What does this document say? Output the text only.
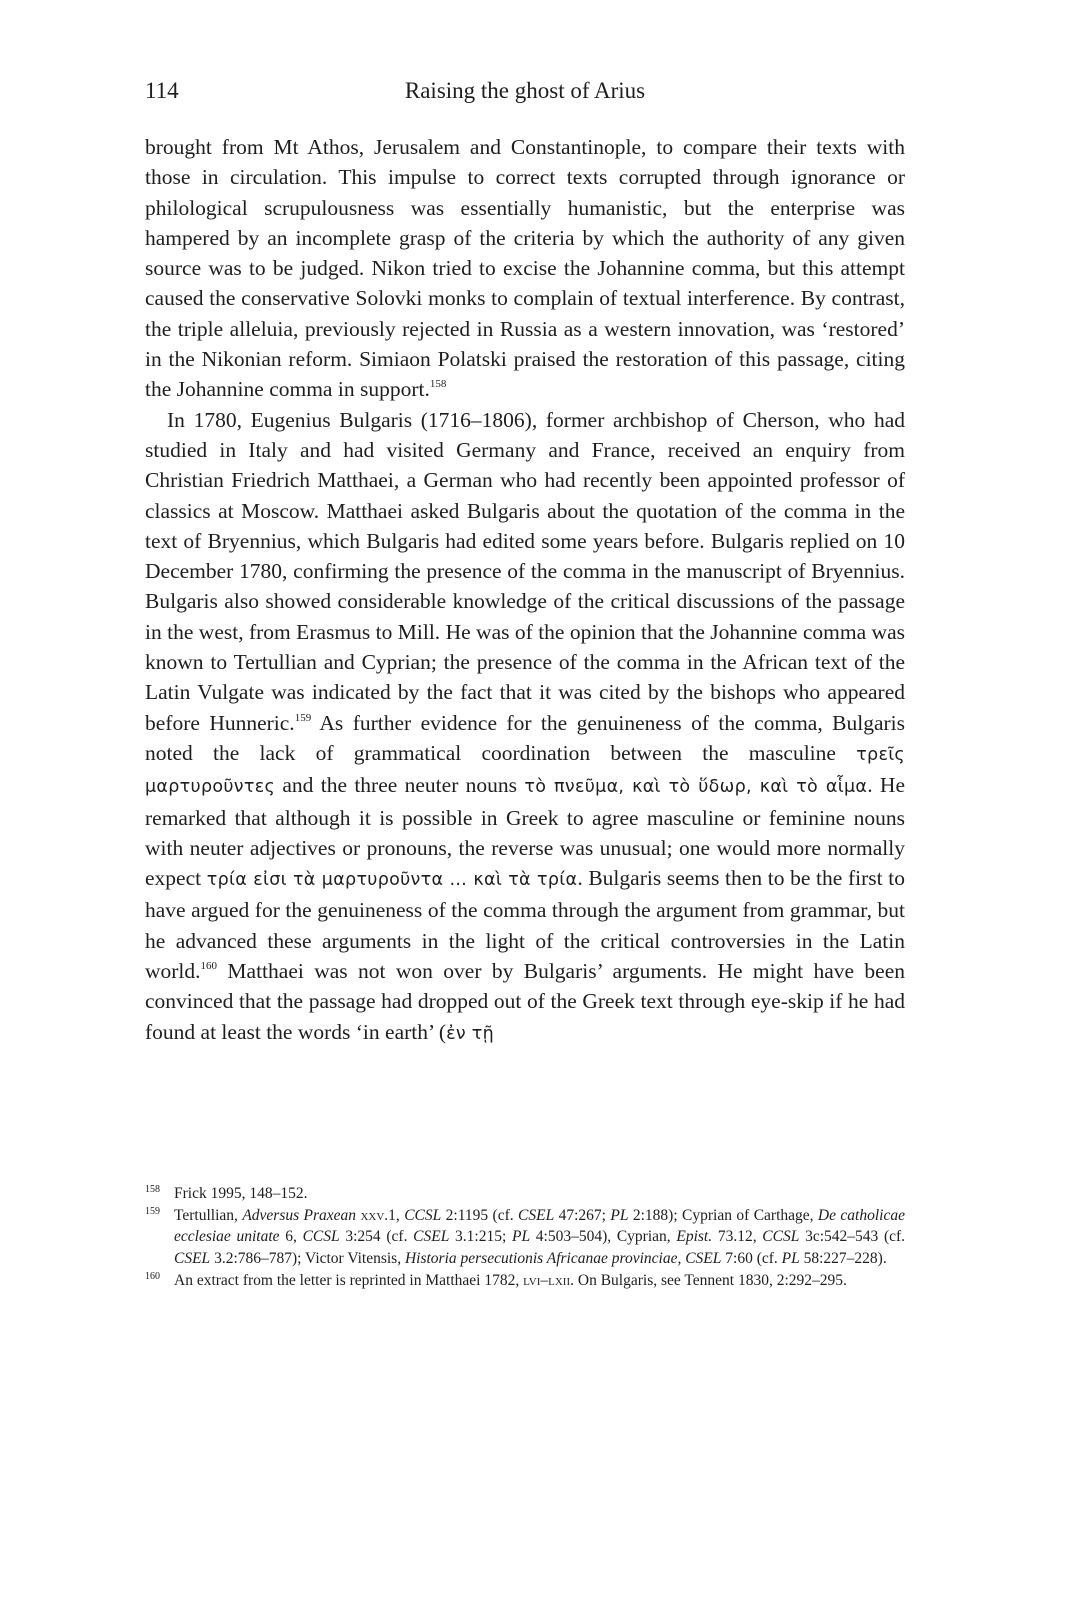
114	Raising the ghost of Arius

brought from Mt Athos, Jerusalem and Constantinople, to compare their texts with those in circulation. This impulse to correct texts corrupted through ignorance or philological scrupulousness was essentially humanistic, but the enterprise was hampered by an incomplete grasp of the criteria by which the authority of any given source was to be judged. Nikon tried to excise the Johannine comma, but this attempt caused the conservative Solovki monks to complain of textual interference. By contrast, the triple alleluia, previously rejected in Russia as a western innovation, was ‘restored’ in the Nikonian reform. Simiaon Polatski praised the restoration of this passage, citing the Johannine comma in support.$^{158}$

In 1780, Eugenius Bulgaris (1716–1806), former archbishop of Cherson, who had studied in Italy and had visited Germany and France, received an enquiry from Christian Friedrich Matthaei, a German who had recently been appointed professor of classics at Moscow. Matthaei asked Bulgaris about the quotation of the comma in the text of Bryennius, which Bulgaris had edited some years before. Bulgaris replied on 10 December 1780, confirming the presence of the comma in the manuscript of Bryennius. Bulgaris also showed considerable knowledge of the critical discussions of the passage in the west, from Erasmus to Mill. He was of the opinion that the Johannine comma was known to Tertullian and Cyprian; the presence of the comma in the African text of the Latin Vulgate was indicated by the fact that it was cited by the bishops who appeared before Hunneric.$^{159}$ As further evidence for the genuineness of the comma, Bulgaris noted the lack of grammatical coordination between the masculine τρεῖς μαρτυροῦντες and the three neuter nouns τὸ πνεῦμα, καὶ τὸ ὕδωρ, καὶ τὸ αἷμα. He remarked that although it is possible in Greek to agree masculine or feminine nouns with neuter adjectives or pronouns, the reverse was unusual; one would more normally expect τρία εἰσι τὰ μαρτυροῦντα … καὶ τὰ τρία. Bulgaris seems then to be the first to have argued for the genuineness of the comma through the argument from grammar, but he advanced these arguments in the light of the critical controversies in the Latin world.$^{160}$ Matthaei was not won over by Bulgaris’ arguments. He might have been convinced that the passage had dropped out of the Greek text through eye-skip if he had found at least the words ‘in earth’ (ἐν τῇ

158 Frick 1995, 148–152.
159 Tertullian, Adversus Praxean xxv.1, CCSL 2:1195 (cf. CSEL 47:267; PL 2:188); Cyprian of Carthage, De catholicae ecclesiae unitate 6, CCSL 3:254 (cf. CSEL 3.1:215; PL 4:503–504), Cyprian, Epist. 73.12, CCSL 3c:542–543 (cf. CSEL 3.2:786–787); Victor Vitensis, Historia persecutionis Africanae provinciae, CSEL 7:60 (cf. PL 58:227–228).
160 An extract from the letter is reprinted in Matthaei 1782, lvi–lxii. On Bulgaris, see Tennent 1830, 2:292–295.
